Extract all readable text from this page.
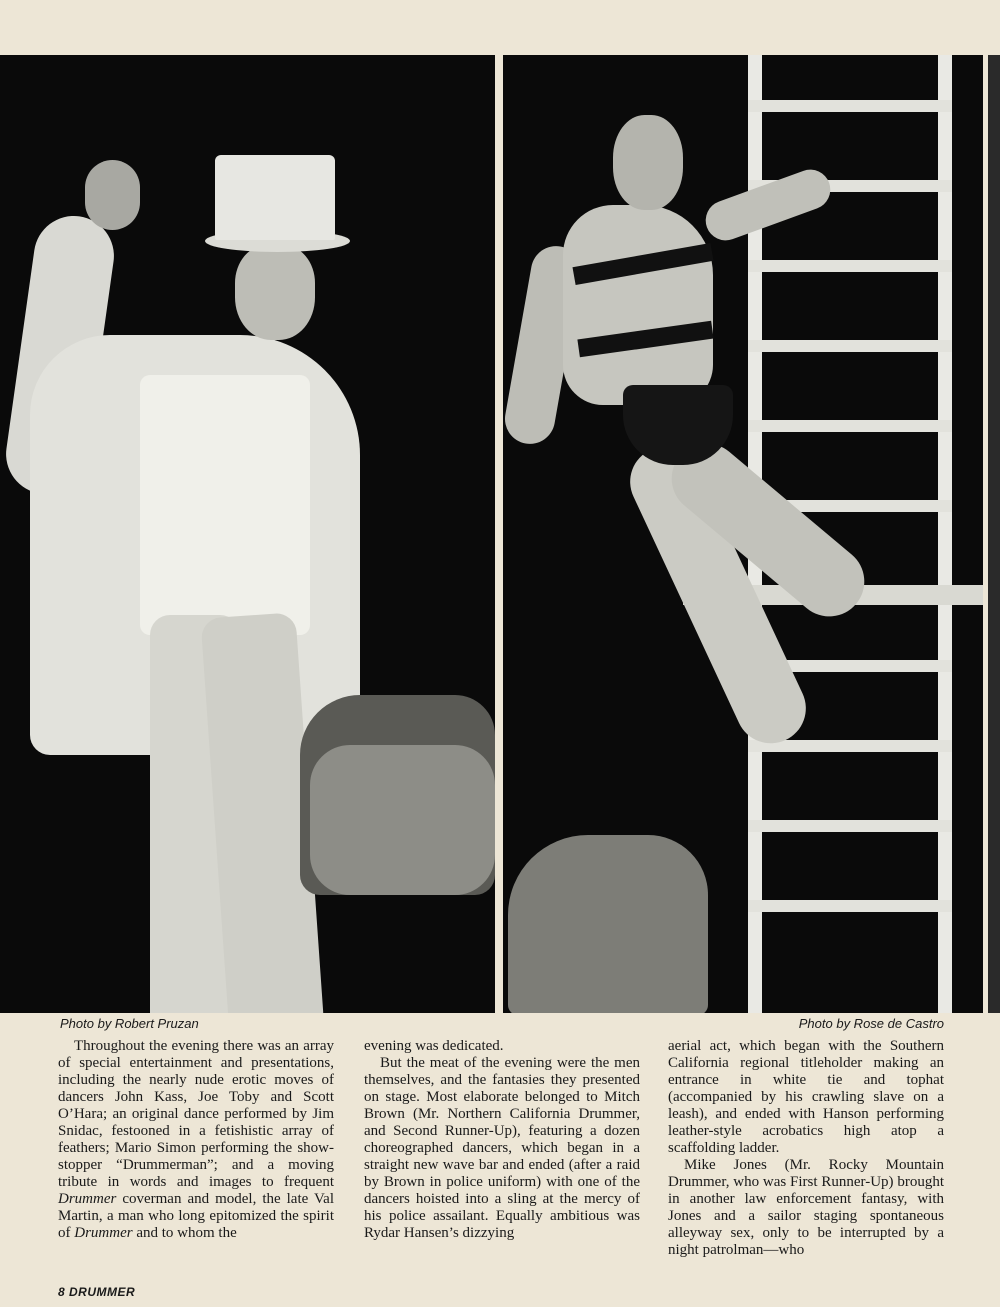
Photo by Robert Pruzan	Photo by Rose de Castro

Throughout the evening there was an array of special entertainment and presentations, including the nearly nude erotic moves of dancers John Kass, Joe Toby and Scott O’Hara; an original dance performed by Jim Snidac, festooned in a fetishistic array of feathers; Mario Simon performing the show-stopper “Drummerman”; and a moving tribute in words and images to frequent Drummer coverman and model, the late Val Martin, a man who long epitomized the spirit of Drummer and to whom the

evening was dedicated.

But the meat of the evening were the men themselves, and the fantasies they presented on stage. Most elaborate belonged to Mitch Brown (Mr. Northern California Drummer, and Second Runner-Up), featuring a dozen choreographed dancers, which began in a straight new wave bar and ended (after a raid by Brown in police uniform) with one of the dancers hoisted into a sling at the mercy of his police assailant. Equally ambitious was Rydar Hansen’s dizzying

aerial act, which began with the Southern California regional titleholder making an entrance in white tie and tophat (accompanied by his crawling slave on a leash), and ended with Hanson performing leather-style acrobatics high atop a scaffolding ladder.

Mike Jones (Mr. Rocky Mountain Drummer, who was First Runner-Up) brought in another law enforcement fantasy, with Jones and a sailor staging spontaneous alleyway sex, only to be interrupted by a night patrolman—who

8 DRUMMER
